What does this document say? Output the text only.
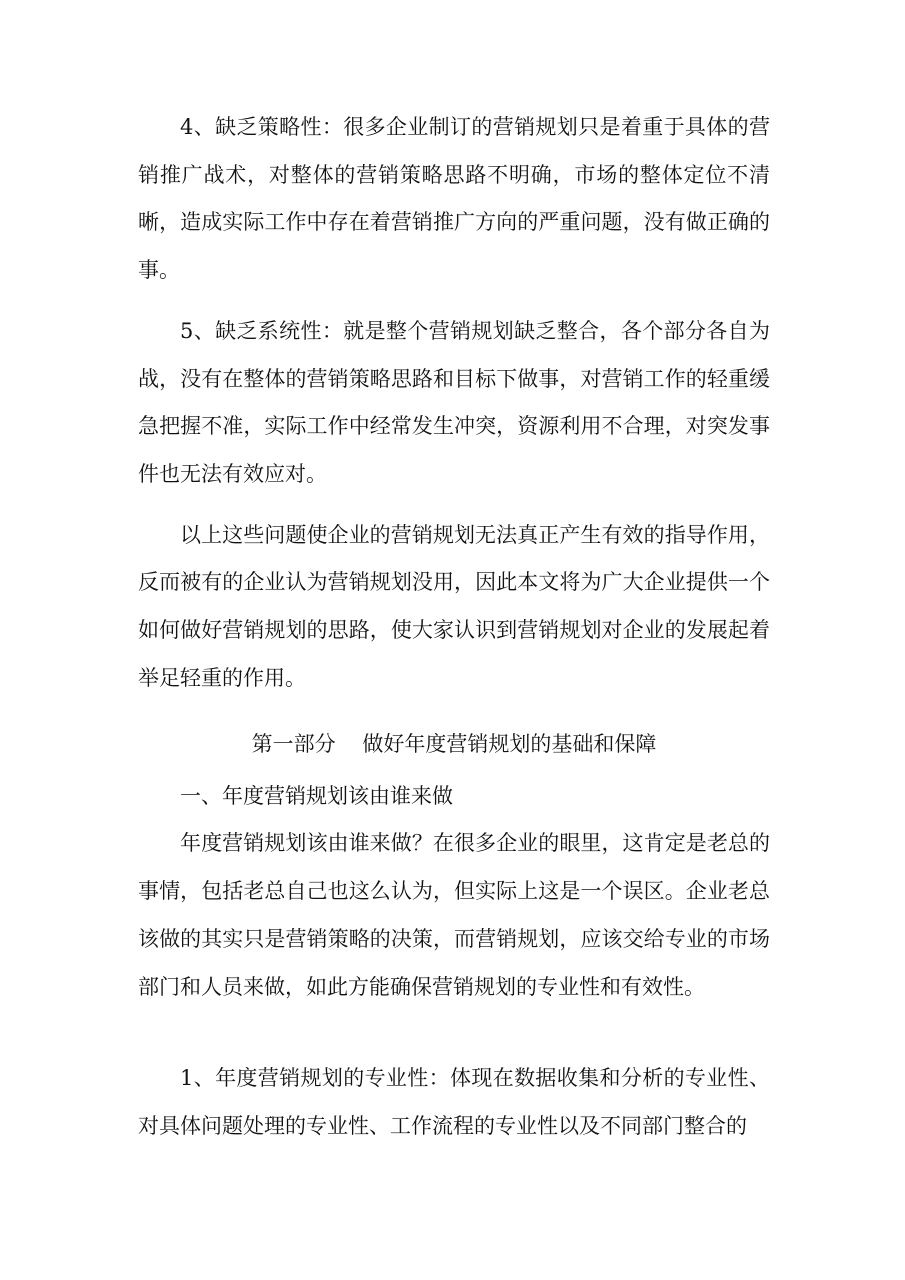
4、缺乏策略性：很多企业制订的营销规划只是着重于具体的营销推广战术，对整体的营销策略思路不明确，市场的整体定位不清晰，造成实际工作中存在着营销推广方向的严重问题，没有做正确的事。

5、缺乏系统性：就是整个营销规划缺乏整合，各个部分各自为战，没有在整体的营销策略思路和目标下做事，对营销工作的轻重缓急把握不准，实际工作中经常发生冲突，资源利用不合理，对突发事件也无法有效应对。

以上这些问题使企业的营销规划无法真正产生有效的指导作用，反而被有的企业认为营销规划没用，因此本文将为广大企业提供一个如何做好营销规划的思路，使大家认识到营销规划对企业的发展起着举足轻重的作用。

第一部分    做好年度营销规划的基础和保障
一、年度营销规划该由谁来做

年度营销规划该由谁来做？在很多企业的眼里，这肯定是老总的事情，包括老总自己也这么认为，但实际上这是一个误区。企业老总该做的其实只是营销策略的决策，而营销规划，应该交给专业的市场部门和人员来做，如此方能确保营销规划的专业性和有效性。

1、年度营销规划的专业性：体现在数据收集和分析的专业性、对具体问题处理的专业性、工作流程的专业性以及不同部门整合的
